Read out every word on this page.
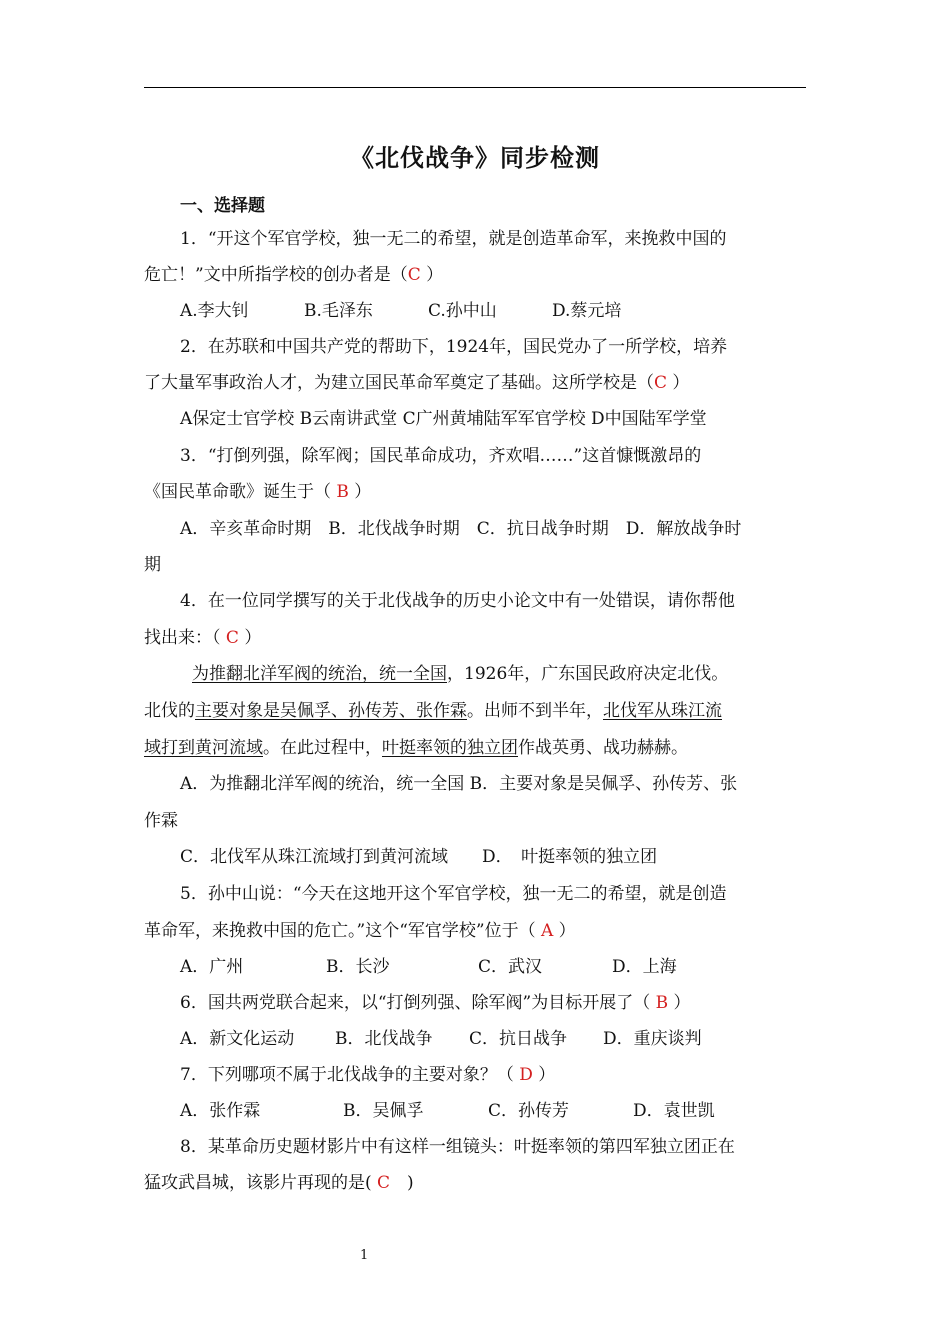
《北伐战争》同步检测
一、选择题
1．“开这个军官学校，独一无二的希望，就是创造革命军，来挽救中国的
危亡！”文中所指学校的创办者是（C ）
A.李大钊	B.毛泽东	C.孙中山	D.蔡元培
2．在苏联和中国共产党的帮助下，1924年，国民党办了一所学校，培养
了大量军事政治人才，为建立国民革命军奠定了基础。这所学校是（C ）
A保定士官学校 B云南讲武堂 C广州黄埔陆军军官学校 D中国陆军学堂
3．“打倒列强，除军阀；国民革命成功，齐欢唱……”这首慷慨激昂的
《国民革命歌》诞生于（ B ）
A．辛亥革命时期　B．北伐战争时期　C．抗日战争时期　D．解放战争时
期
4．在一位同学撰写的关于北伐战争的历史小论文中有一处错误，请你帮他
找出来：（ C ）
为推翻北洋军阀的统治，统一全国，1926年，广东国民政府决定北伐。
北伐的主要对象是吴佩孚、孙传芳、张作霖。出师不到半年，北伐军从珠江流
域打到黄河流域。在此过程中，叶挺率领的独立团作战英勇、战功赫赫。
A．为推翻北洋军阀的统治，统一全国 B．主要对象是吴佩孚、孙传芳、张
作霖
C．北伐军从珠江流域打到黄河流域　　D．　叶挺率领的独立团
5．孙中山说：“今天在这地开这个军官学校，独一无二的希望，就是创造
革命军，来挽救中国的危亡。”这个“军官学校”位于（ A ）
A．广州	B．长沙	C．武汉	D．上海
6．国共两党联合起来，以“打倒列强、除军阀”为目标开展了（ B ）
A．新文化运动 B．北伐战争 C．抗日战争 D．重庆谈判
7．下列哪项不属于北伐战争的主要对象？（ D ）
A．张作霖	B．吴佩孚	C．孙传芳	D．袁世凯
8．某革命历史题材影片中有这样一组镜头：叶挺率领的第四军独立团正在
猛攻武昌城，该影片再现的是( C　)
1
